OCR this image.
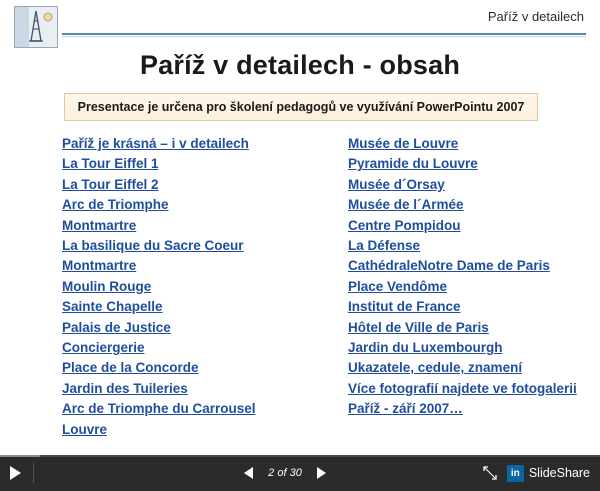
Paříž v detailech
Paříž v detailech - obsah
Presentace je určena pro školení pedagogů ve využívání PowerPointu 2007
Paříž je krásná – i v detailech
La Tour Eiffel 1
La Tour Eiffel 2
Arc de Triomphe
Montmartre
La basilique du Sacre Coeur
Montmartre
Moulin Rouge
Sainte Chapelle
Palais de Justice
Conciergerie
Place de la Concorde
Jardin des Tuileries
Arc de Triomphe du Carrousel
Louvre
Musée de Louvre
Pyramide du Louvre
Musée d´Orsay
Musée de l´Armée
Centre Pompidou
La Défense
CathédraleNotre Dame de Paris
Place Vendôme
Institut de France
Hôtel de Ville de Paris
Jardin du Luxembourgh
Ukazatele, cedule, znamení
Více fotografií najdete ve fotogalerii Paříž - září 2007…
2 of 30	in SlideShare
